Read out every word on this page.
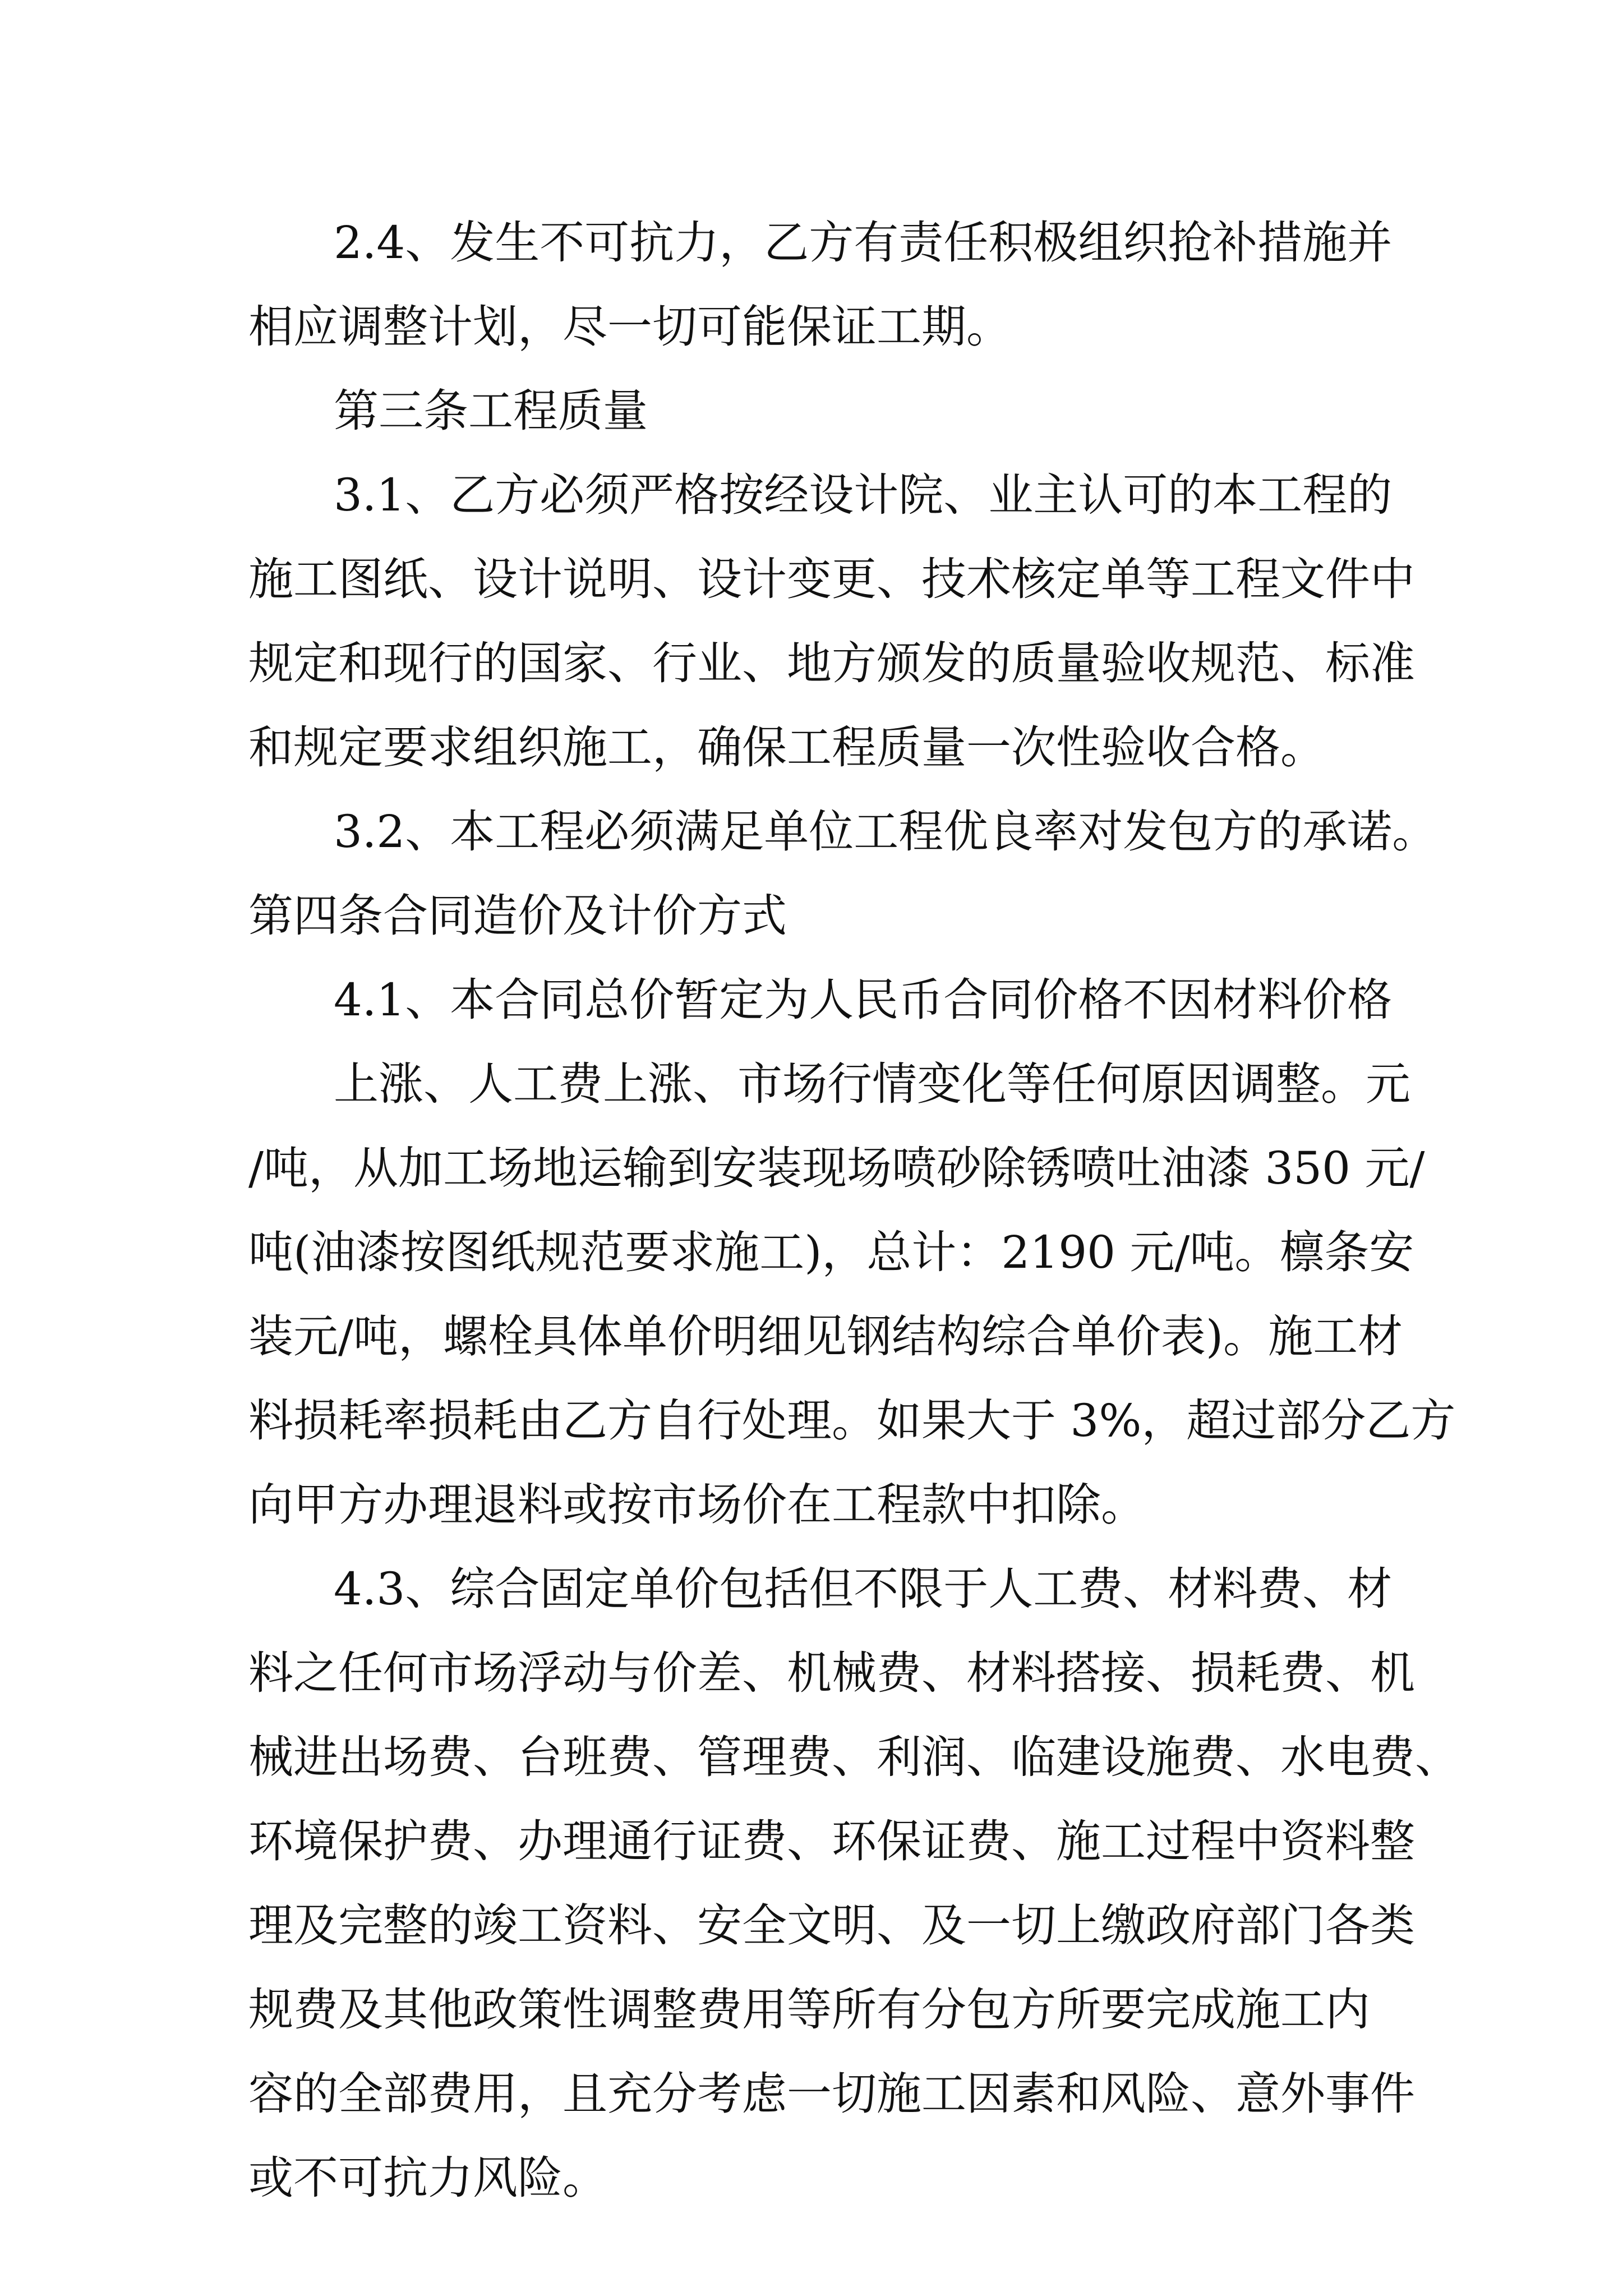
2.4、发生不可抗力，乙方有责任积极组织抢补措施并
相应调整计划，尽一切可能保证工期。
第三条工程质量
3.1、乙方必须严格按经设计院、业主认可的本工程的
施工图纸、设计说明、设计变更、技术核定单等工程文件中
规定和现行的国家、行业、地方颁发的质量验收规范、标准
和规定要求组织施工，确保工程质量一次性验收合格。
3.2、本工程必须满足单位工程优良率对发包方的承诺。
第四条合同造价及计价方式
4.1、本合同总价暂定为人民币合同价格不因材料价格
上涨、人工费上涨、市场行情变化等任何原因调整。元
/吨，从加工场地运输到安装现场喷砂除锈喷吐油漆 350 元/
吨(油漆按图纸规范要求施工)，总计：2190 元/吨。檩条安
装元/吨，螺栓具体单价明细见钢结构综合单价表)。施工材
料损耗率损耗由乙方自行处理。如果大于 3%，超过部分乙方
向甲方办理退料或按市场价在工程款中扣除。
4.3、综合固定单价包括但不限于人工费、材料费、材
料之任何市场浮动与价差、机械费、材料搭接、损耗费、机
械进出场费、台班费、管理费、利润、临建设施费、水电费、
环境保护费、办理通行证费、环保证费、施工过程中资料整
理及完整的竣工资料、安全文明、及一切上缴政府部门各类
规费及其他政策性调整费用等所有分包方所要完成施工内
容的全部费用，且充分考虑一切施工因素和风险、意外事件
或不可抗力风险。
